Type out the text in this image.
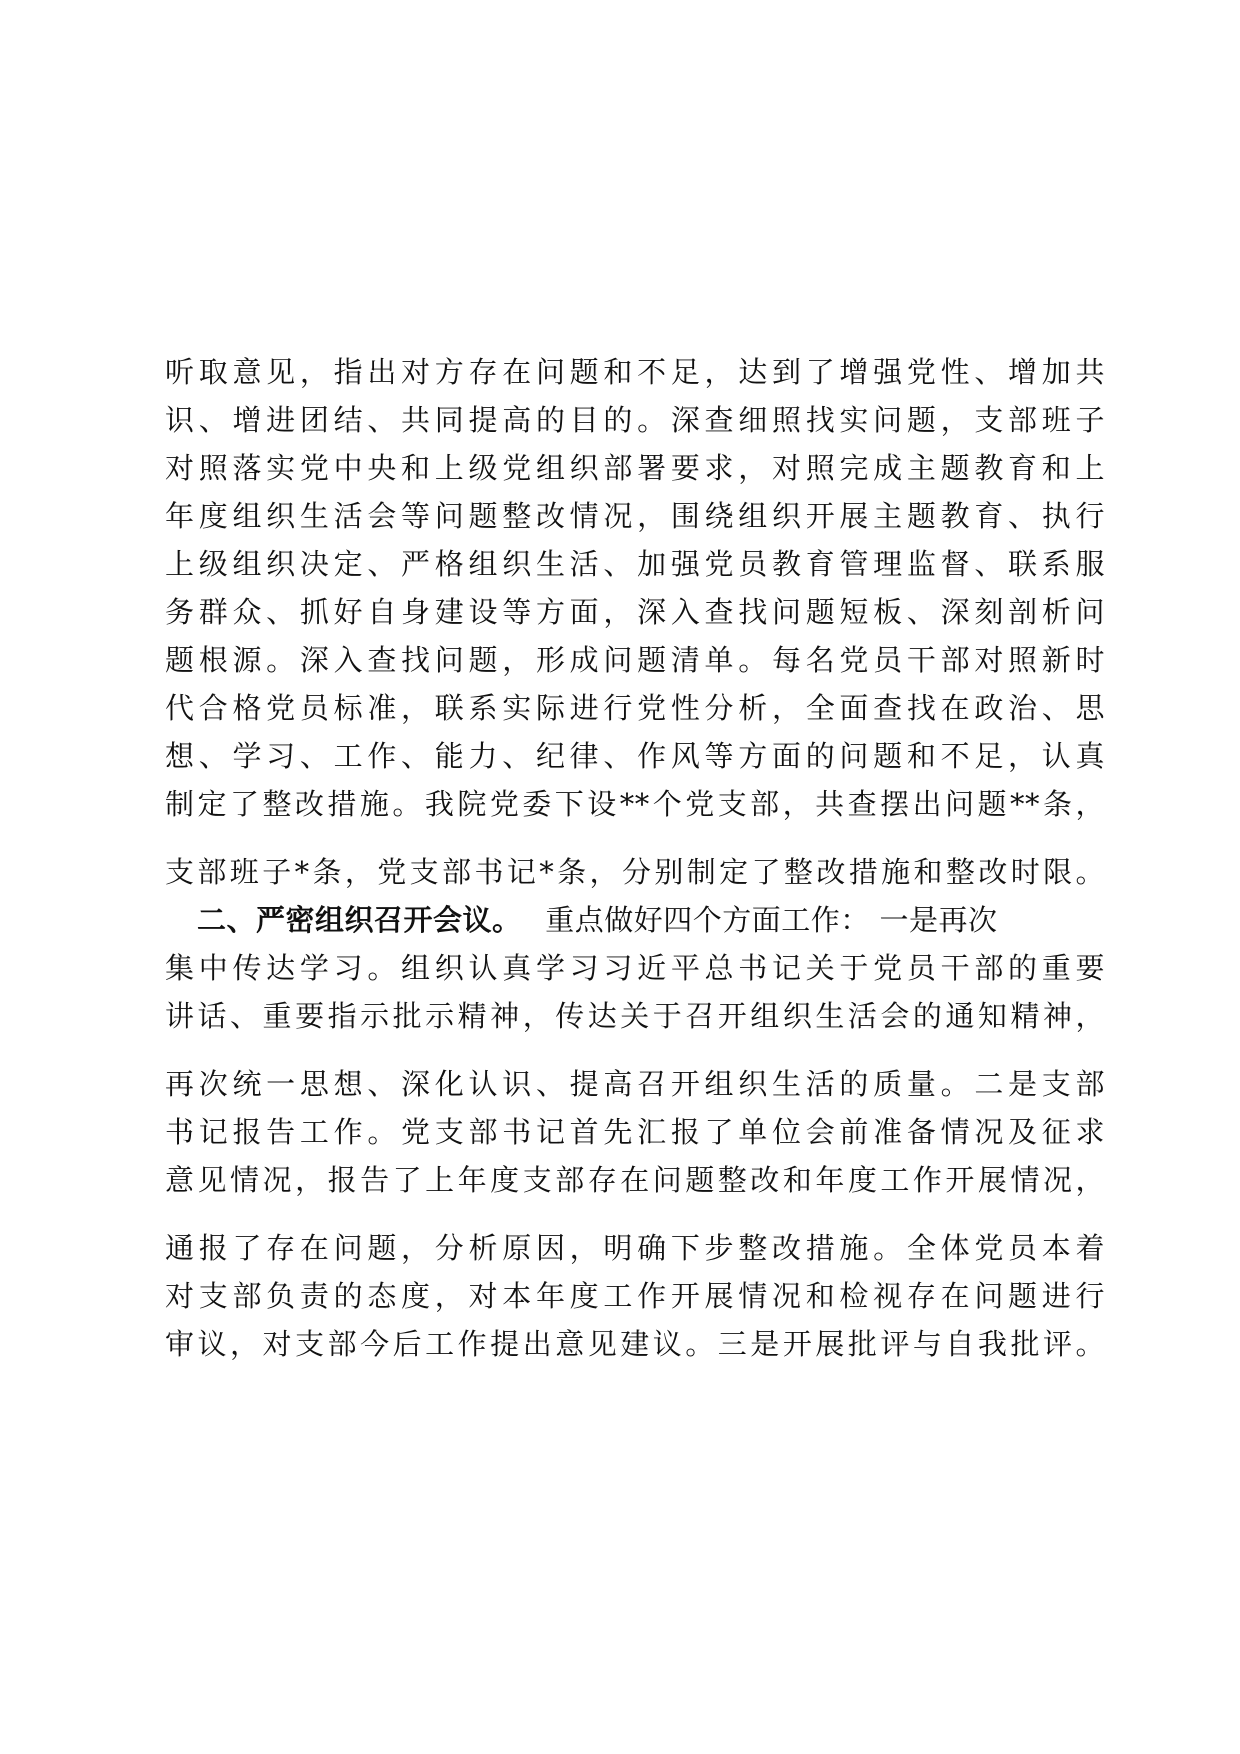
听取意见，指出对方存在问题和不足，达到了增强党性、增加共
识、增进团结、共同提高的目的。深查细照找实问题，支部班子
对照落实党中央和上级党组织部署要求，对照完成主题教育和上
年度组织生活会等问题整改情况，围绕组织开展主题教育、执行
上级组织决定、严格组织生活、加强党员教育管理监督、联系服
务群众、抓好自身建设等方面，深入查找问题短板、深刻剖析问
题根源。深入查找问题，形成问题清单。每名党员干部对照新时
代合格党员标准，联系实际进行党性分析，全面查找在政治、思
想、学习、工作、能力、纪律、作风等方面的问题和不足，认真
制定了整改措施。我院党委下设**个党支部，共查摆出问题**条，
支部班子*条，党支部书记*条，分别制定了整改措施和整改时限。
二、严密组织召开会议。 重点做好四个方面工作： 一是再次
集中传达学习。组织认真学习习近平总书记关于党员干部的重要
讲话、重要指示批示精神，传达关于召开组织生活会的通知精神，
再次统一思想、深化认识、提高召开组织生活的质量。二是支部
书记报告工作。党支部书记首先汇报了单位会前准备情况及征求
意见情况，报告了上年度支部存在问题整改和年度工作开展情况，
通报了存在问题，分析原因，明确下步整改措施。全体党员本着
对支部负责的态度，对本年度工作开展情况和检视存在问题进行
审议，对支部今后工作提出意见建议。三是开展批评与自我批评。
